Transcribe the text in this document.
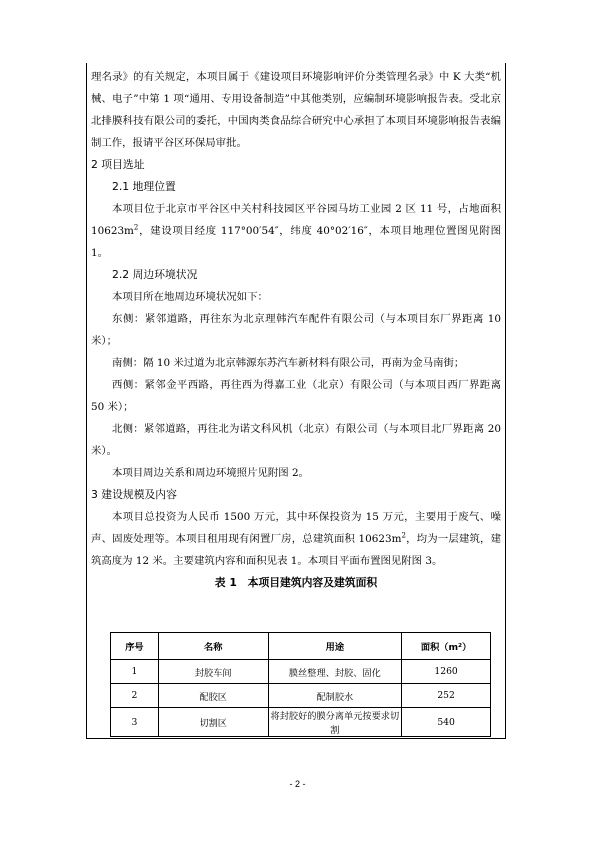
理名录》的有关规定，本项目属于《建设项目环境影响评价分类管理名录》中 K 大类“机械、电子”中第 1 项“通用、专用设备制造”中其他类别，应编制环境影响报告表。受北京北排膜科技有限公司的委托，中国肉类食品综合研究中心承担了本项目环境影响报告表编制工作，报请平谷区环保局审批。

2 项目选址

2.1 地理位置

本项目位于北京市平谷区中关村科技园区平谷园马坊工业园 2 区 11 号，占地面积 $10623m^2$，建设项目经度 117°00′54″，纬度 40°02′16″，本项目地理位置图见附图 1。

2.2 周边环境状况

本项目所在地周边环境状况如下：

东侧：紧邻道路，再往东为北京理韩汽车配件有限公司（与本项目东厂界距离 10 米）；

南侧：隔 10 米过道为北京韩源东苏汽车新材料有限公司，再南为金马南街；

西侧：紧邻金平西路，再往西为得嘉工业（北京）有限公司（与本项目西厂界距离 50 米）；

北侧：紧邻道路，再往北为诺文科风机（北京）有限公司（与本项目北厂界距离 20 米）。

本项目周边关系和周边环境照片见附图 2。

3 建设规模及内容

本项目总投资为人民币 1500 万元，其中环保投资为 15 万元，主要用于废气、噪声、固废处理等。本项目租用现有闲置厂房，总建筑面积 $10623m^2$，均为一层建筑，建筑高度为 12 米。主要建筑内容和面积见表 1。本项目平面布置图见附图 3。

表 1　本项目建筑内容及建筑面积

序号	名称	用途	面积（m²）
1	封胶车间	膜丝整理、封胶、固化	1260
2	配胶区	配制胶水	252
3	切割区	将封胶好的膜分离单元按要求切割	540
- 2 -
